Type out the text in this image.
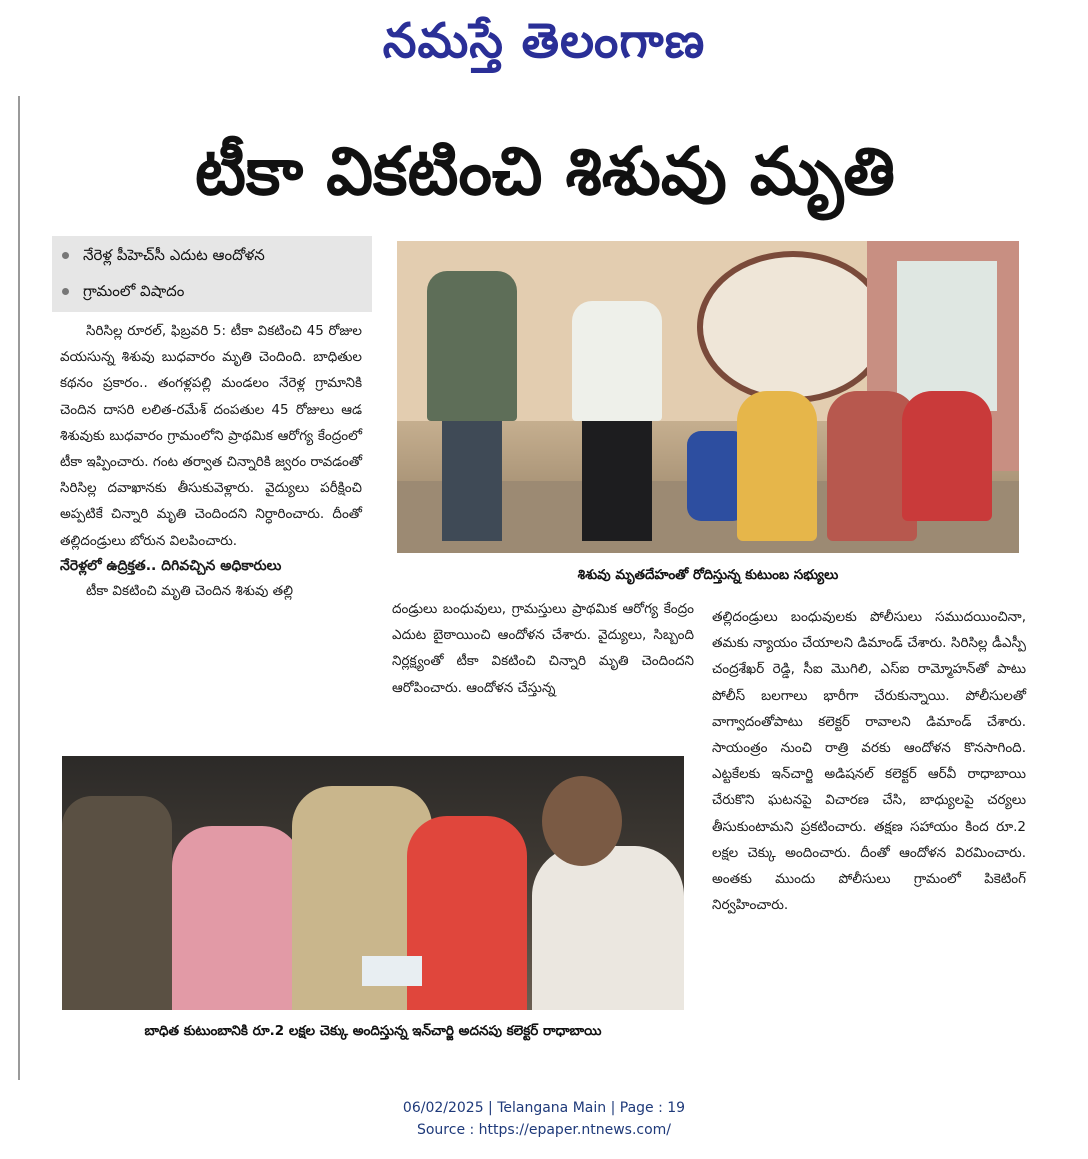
నమస్తే తెలంగాణ
టీకా వికటించి శిశువు మృతి
నేరెళ్ల పీహెచ్‌సీ ఎదుట ఆందోళన
గ్రామంలో విషాదం

సిరిసిల్ల రూరల్, ఫిబ్రవరి 5: టీకా వికటించి 45 రోజుల వయసున్న శిశువు బుధవారం మృతి చెందింది. బాధితుల కథనం ప్రకారం.. తంగళ్లపల్లి మండలం నేరెళ్ల గ్రామానికి చెందిన దాసరి లలిత-రమేశ్ దంపతుల 45 రోజులు ఆడ శిశువుకు బుధవారం గ్రామంలోని ప్రాథమిక ఆరోగ్య కేంద్రంలో టీకా ఇప్పించారు. గంట తర్వాత చిన్నారికి జ్వరం రావడంతో సిరిసిల్ల దవాఖానకు తీసుకువెళ్లారు. వైద్యులు పరీక్షించి అప్పటికే చిన్నారి మృతి చెందిందని నిర్ధారించారు. దీంతో తల్లిదండ్రులు బోరున విలపించారు.

నేరెళ్లలో ఉద్రిక్తత.. దిగివచ్చిన అధికారులు

టీకా వికటించి మృతి చెందిన శిశువు తల్లి

దండ్రులు బంధువులు, గ్రామస్తులు ప్రాథమిక ఆరోగ్య కేంద్రం ఎదుట బైఠాయించి ఆందోళన చేశారు. వైద్యులు, సిబ్బంది నిర్లక్ష్యంతో టీకా వికటించి చిన్నారి మృతి చెందిందని ఆరోపించారు. ఆందోళన చేస్తున్న

తల్లిదండ్రులు బంధువులకు పోలీసులు సముదయించినా, తమకు న్యాయం చేయాలని డిమాండ్ చేశారు. సిరిసిల్ల డీఎస్పీ చంద్రశేఖర్ రెడ్డి, సీఐ మొగిలి, ఎస్ఐ రామ్మోహన్‌తో పాటు పోలీస్ బలగాలు భారీగా చేరుకున్నాయి. పోలీసులతో వాగ్వాదంతోపాటు కలెక్టర్ రావాలని డిమాండ్ చేశారు. సాయంత్రం నుంచి రాత్రి వరకు ఆందోళన కొనసాగింది. ఎట్టకేలకు ఇన్‌చార్జి అడిషనల్ కలెక్టర్ ఆర్‌వీ రాధాబాయి చేరుకొని ఘటనపై విచారణ చేసి, బాధ్యులపై చర్యలు తీసుకుంటామని ప్రకటించారు. తక్షణ సహాయం కింద రూ.2 లక్షల చెక్కు అందించారు. దీంతో ఆందోళన విరమించారు. అంతకు ముందు పోలీసులు గ్రామంలో పికెటింగ్ నిర్వహించారు.

శిశువు మృతదేహంతో రోదిస్తున్న కుటుంబ సభ్యులు
బాధిత కుటుంబానికి రూ.2 లక్షల చెక్కు అందిస్తున్న ఇన్‌చార్జి అదనపు కలెక్టర్ రాధాబాయి
06/02/2025 | Telangana Main | Page : 19
Source : https://epaper.ntnews.com/
